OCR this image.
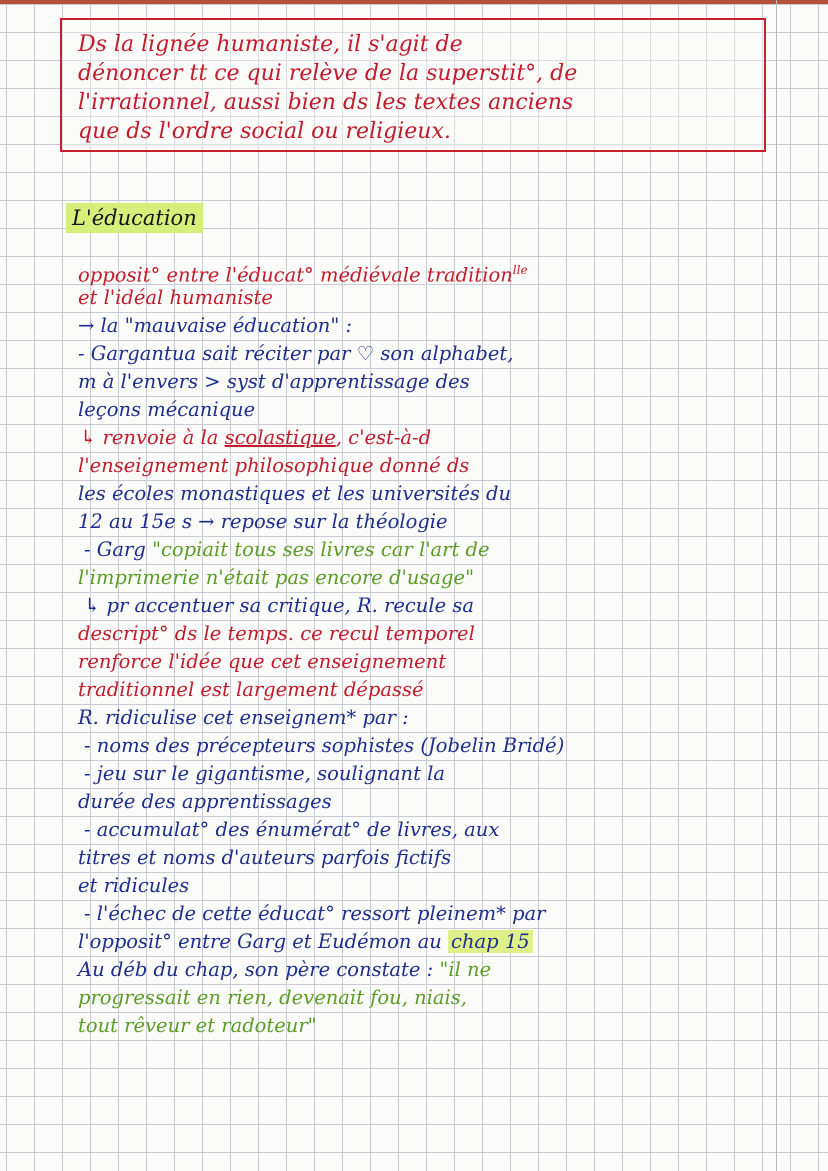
Ds la lignée humaniste, il s'agit de
dénoncer tt ce qui relève de la superstit°, de
l'irrationnel, aussi bien ds les textes anciens
que ds l'ordre social ou religieux.
L'éducation
opposit° entre l'éducat° médiévale tradition$^{lle}$
et l'idéal humaniste
→ la "mauvaise éducation" :
- Gargantua sait réciter par ♡ son alphabet,
m à l'envers > syst d'apprentissage des
leçons mécanique
↳ renvoie à la scolastique, c'est-à-d
l'enseignement philosophique donné ds
les écoles monastiques et les universités du
12 au 15e s → repose sur la théologie
- Garg "copiait tous ses livres car l'art de
l'imprimerie n'était pas encore d'usage"
↳ pr accentuer sa critique, R. recule sa
descript° ds le temps. ce recul temporel
renforce l'idée que cet enseignement
traditionnel est largement dépassé
R. ridiculise cet enseignem* par :
- noms des précepteurs sophistes (Jobelin Bridé)
- jeu sur le gigantisme, soulignant la
durée des apprentissages
- accumulat° des énumérat° de livres, aux
titres et noms d'auteurs parfois fictifs
et ridicules
- l'échec de cette éducat° ressort pleinem* par
l'opposit° entre Garg et Eudémon au chap 15
Au déb du chap, son père constate : "il ne
progressait en rien, devenait fou, niais,
tout rêveur et radoteur"
